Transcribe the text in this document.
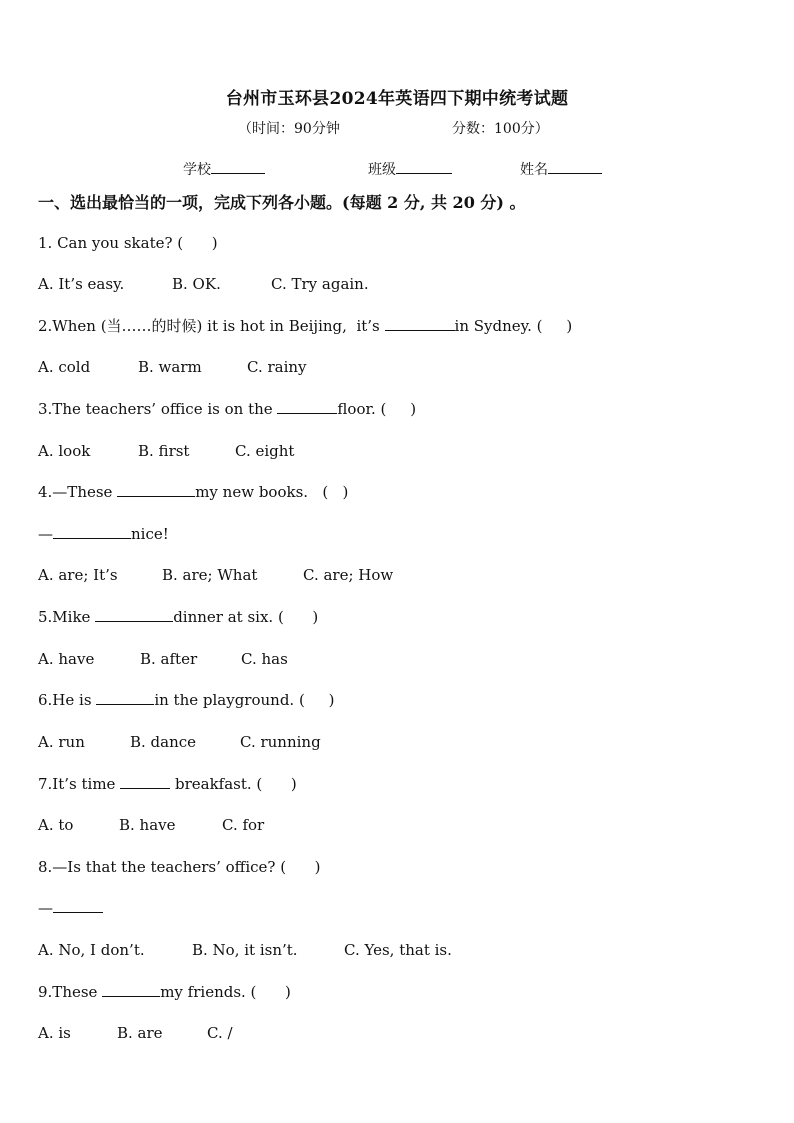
台州市玉环县2024年英语四下期中统考试题
（时间：90分钟	分数：100分）
学校	班级	姓名
一、选出最恰当的一项，完成下列各小题。(每题 2 分, 共 20 分) 。
1. Can you skate? (      )
A. It’s easy.	B. OK.	C. Try again.
2.When (当……的时候) it is hot in Beijing,  it’s	in Sydney. (     )
A. cold	B. warm	C. rainy
3.The teachers’ office is on the	floor. (     )
A. look	B. first	C. eight
4.—These	my new books.   (   )
—	nice!
A. are; It’s	B. are; What	C. are; How
5.Mike	dinner at six. (      )
A. have	B. after	C. has
6.He is	in the playground. (     )
A. run	B. dance	C. running
7.It’s time	breakfast. (      )
A. to	B. have	C. for
8.—Is that the teachers’ office? (      )
—
A. No, I don’t.	B. No, it isn’t.	C. Yes, that is.
9.These	my friends. (      )
A. is	B. are	C. /
